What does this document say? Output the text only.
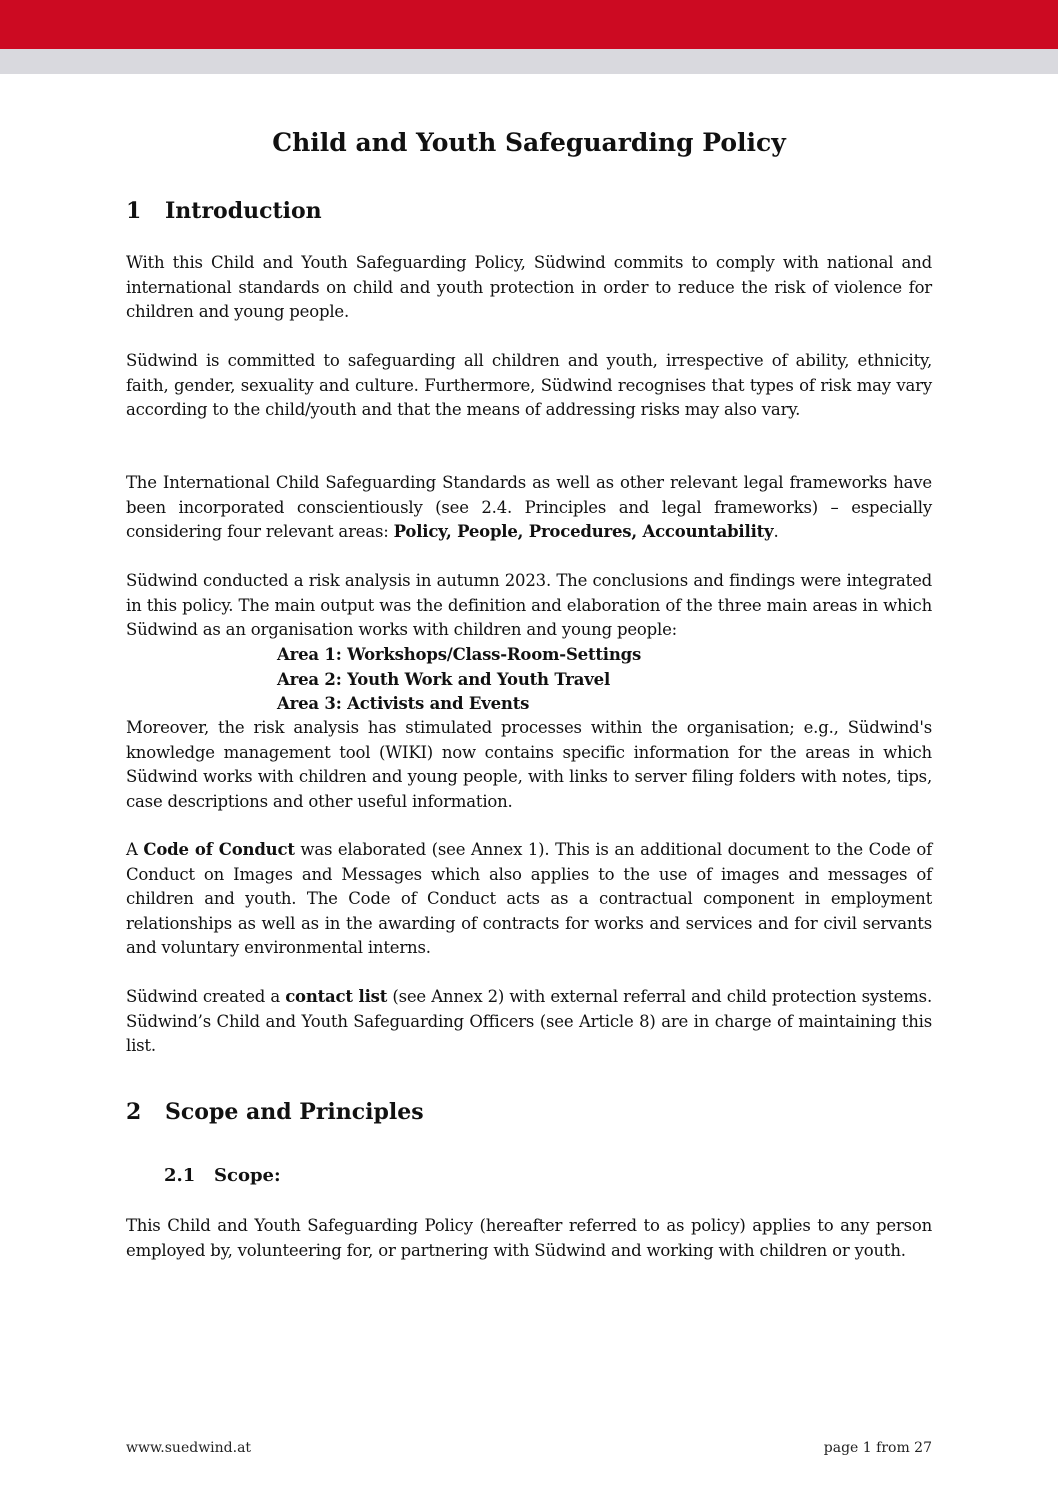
Child and Youth Safeguarding Policy
1 Introduction

With this Child and Youth Safeguarding Policy, Südwind commits to comply with national and international standards on child and youth protection in order to reduce the risk of violence for children and young people.

Südwind is committed to safeguarding all children and youth, irrespective of ability, ethnicity, faith, gender, sexuality and culture. Furthermore, Südwind recognises that types of risk may vary according to the child/youth and that the means of addressing risks may also vary.

The International Child Safeguarding Standards as well as other relevant legal frameworks have been incorporated conscientiously (see 2.4. Principles and legal frameworks) – especially considering four relevant areas: Policy, People, Procedures, Accountability.

Südwind conducted a risk analysis in autumn 2023. The conclusions and findings were integrated in this policy. The main output was the definition and elaboration of the three main areas in which Südwind as an organisation works with children and young people:

Area 1: Workshops/Class-Room-Settings
Area 2: Youth Work and Youth Travel
Area 3: Activists and Events

Moreover, the risk analysis has stimulated processes within the organisation; e.g., Südwind's knowledge management tool (WIKI) now contains specific information for the areas in which Südwind works with children and young people, with links to server filing folders with notes, tips, case descriptions and other useful information.

A Code of Conduct was elaborated (see Annex 1). This is an additional document to the Code of Conduct on Images and Messages which also applies to the use of images and messages of children and youth. The Code of Conduct acts as a contractual component in employment relationships as well as in the awarding of contracts for works and services and for civil servants and voluntary environmental interns.

Südwind created a contact list (see Annex 2) with external referral and child protection systems. Südwind’s Child and Youth Safeguarding Officers (see Article 8) are in charge of maintaining this list.

2 Scope and Principles
2.1 Scope:

This Child and Youth Safeguarding Policy (hereafter referred to as policy) applies to any person employed by, volunteering for, or partnering with Südwind and working with children or youth.

www.suedwind.at	page 1 from 27
